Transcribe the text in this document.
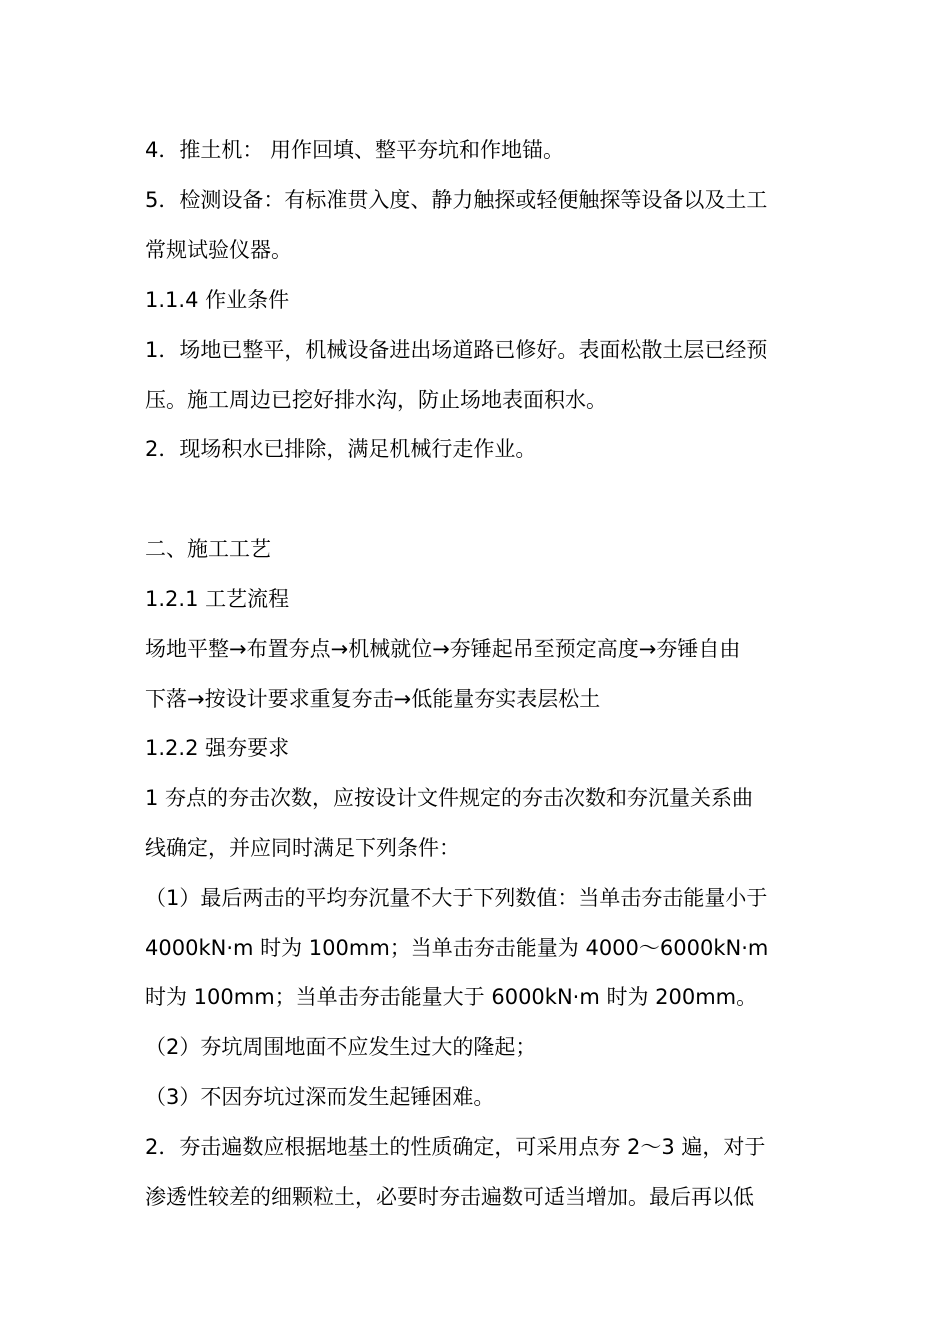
4．推土机： 用作回填、整平夯坑和作地锚。
5．检测设备：有标准贯入度、静力触探或轻便触探等设备以及土工
常规试验仪器。
1.1.4 作业条件
1．场地已整平，机械设备进出场道路已修好。表面松散土层已经预
压。施工周边已挖好排水沟，防止场地表面积水。
2．现场积水已排除，满足机械行走作业。
二、施工工艺
1.2.1 工艺流程
场地平整→布置夯点→机械就位→夯锤起吊至预定高度→夯锤自由
下落→按设计要求重复夯击→低能量夯实表层松土
1.2.2 强夯要求
1 夯点的夯击次数，应按设计文件规定的夯击次数和夯沉量关系曲
线确定，并应同时满足下列条件：
（1）最后两击的平均夯沉量不大于下列数值：当单击夯击能量小于
4000kN·m 时为 100mm；当单击夯击能量为 4000～6000kN·m
时为 100mm；当单击夯击能量大于 6000kN·m 时为 200mm。
（2）夯坑周围地面不应发生过大的隆起；
（3）不因夯坑过深而发生起锤困难。
2．夯击遍数应根据地基土的性质确定，可采用点夯 2～3 遍，对于
渗透性较差的细颗粒土，必要时夯击遍数可适当增加。最后再以低
